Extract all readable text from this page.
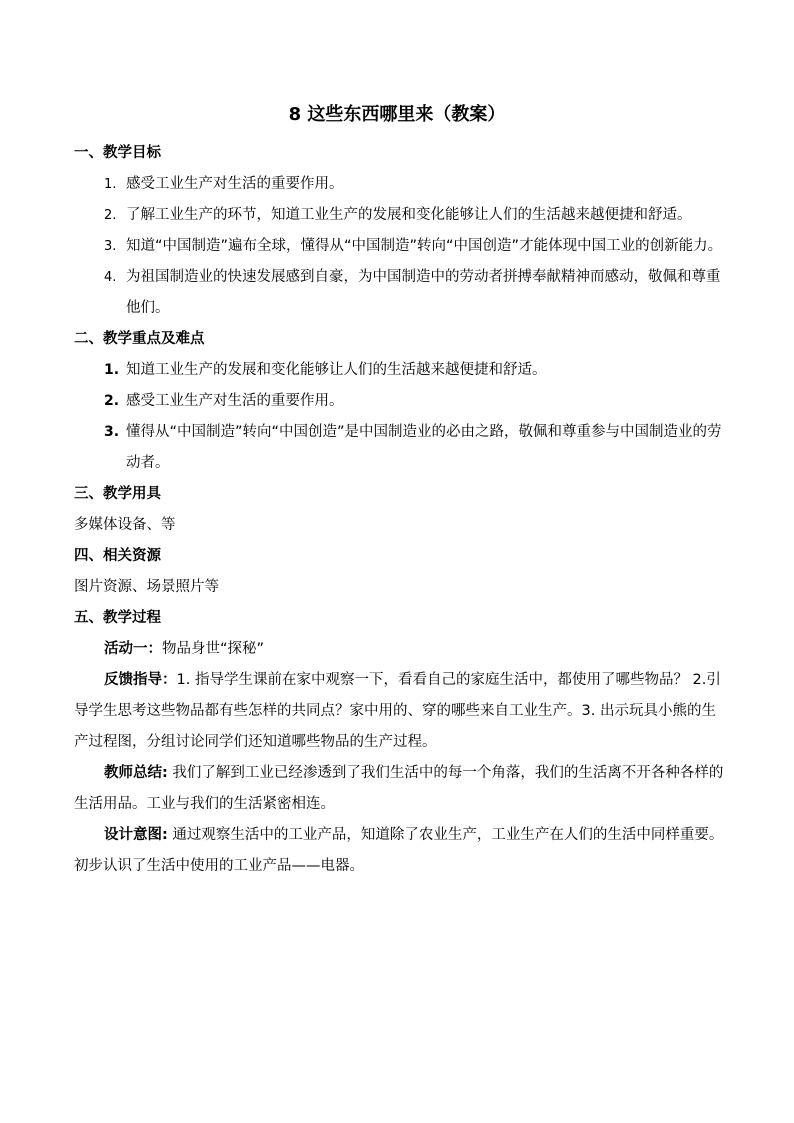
8 这些东西哪里来（教案）

一、教学目标

1. 感受工业生产对生活的重要作用。

2. 了解工业生产的环节，知道工业生产的发展和变化能够让人们的生活越来越便捷和舒适。

3. 知道“中国制造”遍布全球，懂得从“中国制造”转向“中国创造”才能体现中国工业的创新能力。

4. 为祖国制造业的快速发展感到自豪，为中国制造中的劳动者拼搏奉献精神而感动，敬佩和尊重他们。

二、教学重点及难点

1. 知道工业生产的发展和变化能够让人们的生活越来越便捷和舒适。

2. 感受工业生产对生活的重要作用。

3. 懂得从“中国制造”转向“中国创造”是中国制造业的必由之路，敬佩和尊重参与中国制造业的劳动者。

三、教学用具

多媒体设备、等

四、相关资源

图片资源、场景照片等

五、教学过程

活动一：物品身世“探秘”

反馈指导：1. 指导学生课前在家中观察一下，看看自己的家庭生活中，都使用了哪些物品？ 2.引导学生思考这些物品都有些怎样的共同点？家中用的、穿的哪些来自工业生产。3. 出示玩具小熊的生产过程图，分组讨论同学们还知道哪些物品的生产过程。

教师总结: 我们了解到工业已经渗透到了我们生活中的每一个角落，我们的生活离不开各种各样的生活用品。工业与我们的生活紧密相连。

设计意图: 通过观察生活中的工业产品，知道除了农业生产，工业生产在人们的生活中同样重要。初步认识了生活中使用的工业产品——电器。
